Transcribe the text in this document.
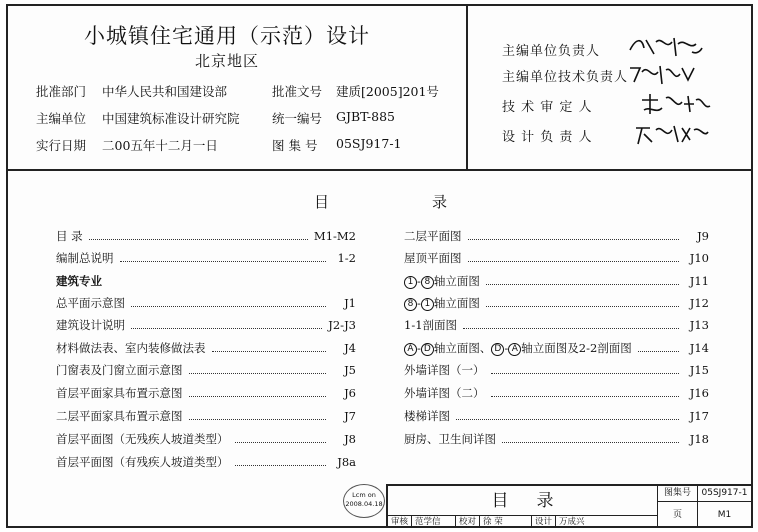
小城镇住宅通用（示范）设计
北京地区
批准部门 中华人民共和国建设部	批准文号 建质[2005]201号
主编单位 中国建筑标准设计研究院	统一编号 GJBT-885
实行日期 二00五年十二月一日	图 集 号 05SJ917-1
主编单位负责人
主编单位技术负责人
技 术 审 定 人
设 计 负 责 人
目	录
目 录	M1-M2
编制总说明	1-2
建筑专业
总平面示意图	J1
建筑设计说明	J2-J3
材料做法表、室内装修做法表	J4
门窗表及门窗立面示意图	J5
首层平面家具布置示意图	J6
二层平面家具布置示意图	J7
首层平面图（无残疾人坡道类型）	J8
首层平面图（有残疾人坡道类型）	J8a
二层平面图	J9
屋顶平面图	J10
1 - 8 轴立面图	J11
8 - 1 轴立面图	J12
1-1剖面图	J13
A - D 轴立面图、 D - A 轴立面图及2-2剖面图	J14
外墙详图（一）	J15
外墙详图（二）	J16
楼梯详图	J17
厨房、卫生间详图	J18
Lcm on
2008.04.18	目录	图集号	05SJ917-1
页	M1
审核 范学信	校对 徐 荣	设计 万成兴
